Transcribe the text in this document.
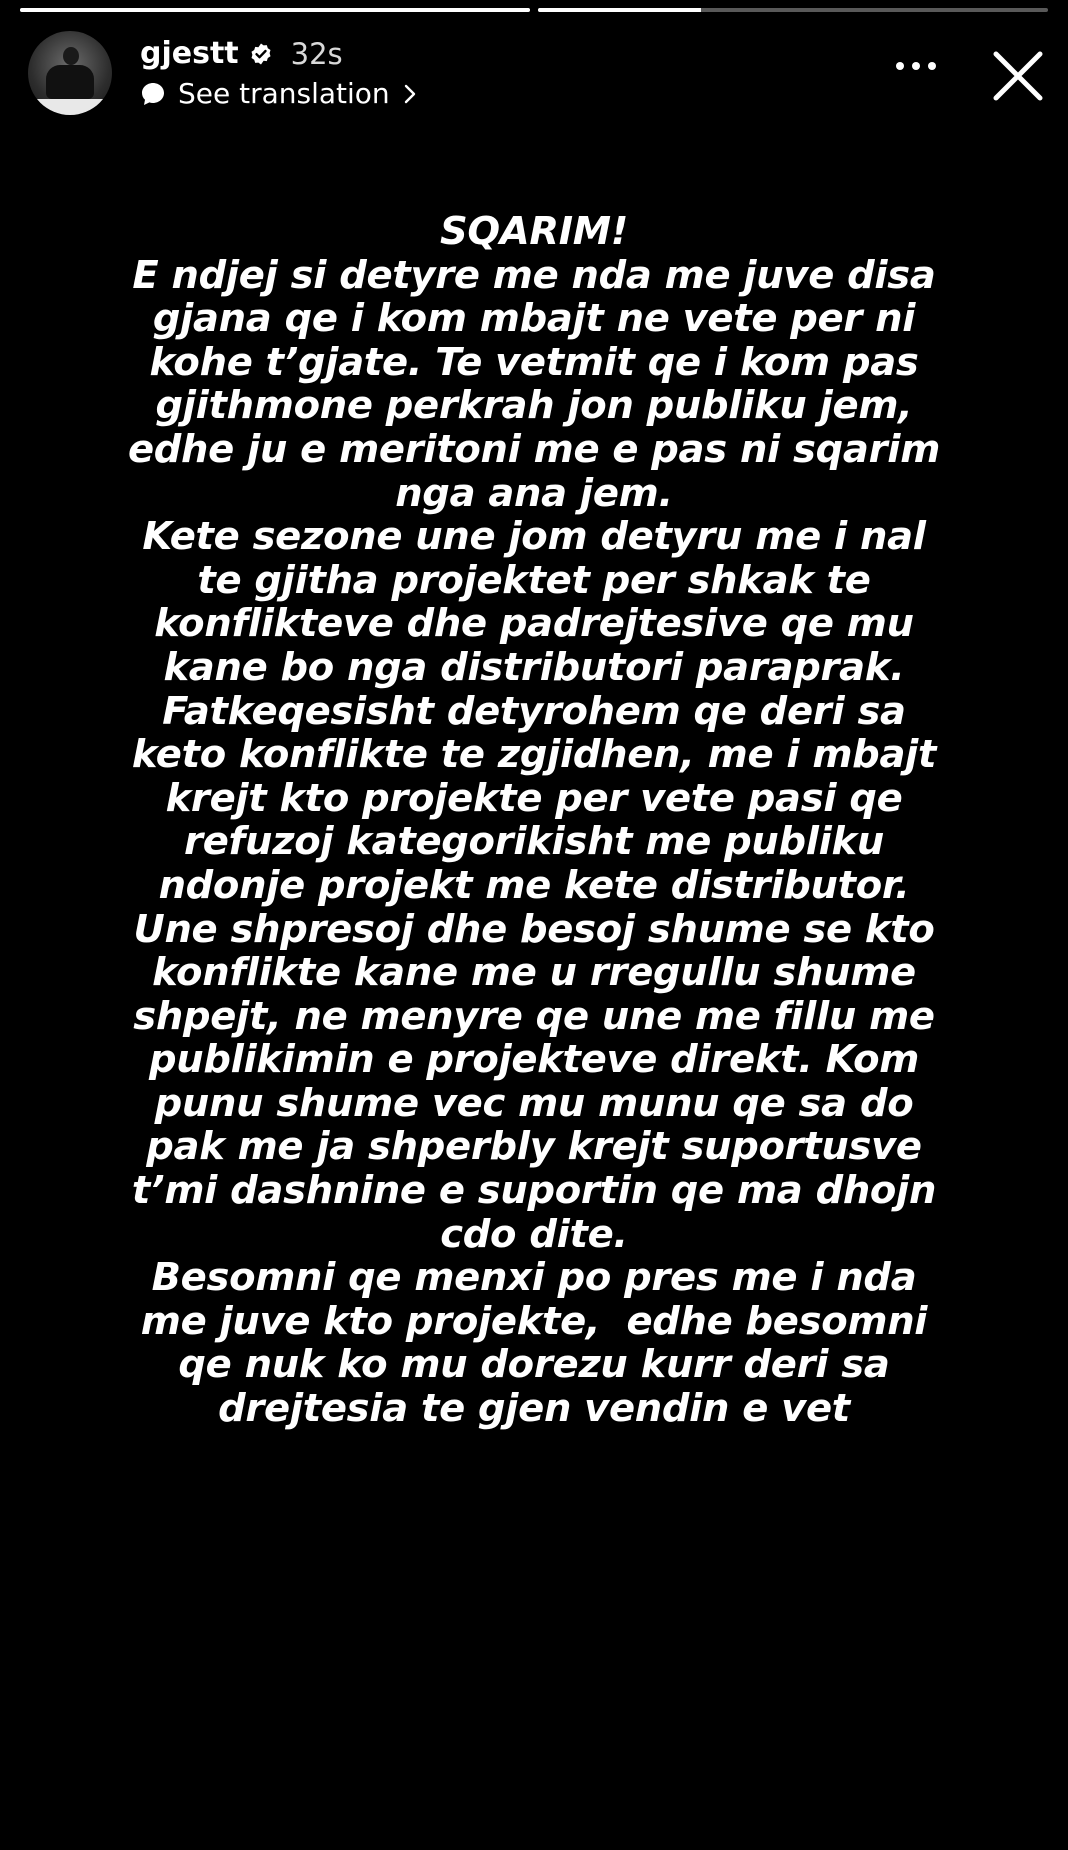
gjestt 32s
See translation
SQARIM!
E ndjej si detyre me nda me juve disa
gjana qe i kom mbajt ne vete per ni
kohe t’gjate. Te vetmit qe i kom pas
gjithmone perkrah jon publiku jem,
edhe ju e meritoni me e pas ni sqarim
nga ana jem.
Kete sezone une jom detyru me i nal
te gjitha projektet per shkak te
konflikteve dhe padrejtesive qe mu
kane bo nga distributori paraprak.
Fatkeqesisht detyrohem qe deri sa
keto konflikte te zgjidhen, me i mbajt
krejt kto projekte per vete pasi qe
refuzoj kategorikisht me publiku
ndonje projekt me kete distributor.
Une shpresoj dhe besoj shume se kto
konflikte kane me u rregullu shume
shpejt, ne menyre qe une me fillu me
publikimin e projekteve direkt. Kom
punu shume vec mu munu qe sa do
pak me ja shperbly krejt suportusve
t’mi dashnine e suportin qe ma dhojn
cdo dite.
Besomni qe menxi po pres me i nda
me juve kto projekte,  edhe besomni
qe nuk ko mu dorezu kurr deri sa
drejtesia te gjen vendin e vet
